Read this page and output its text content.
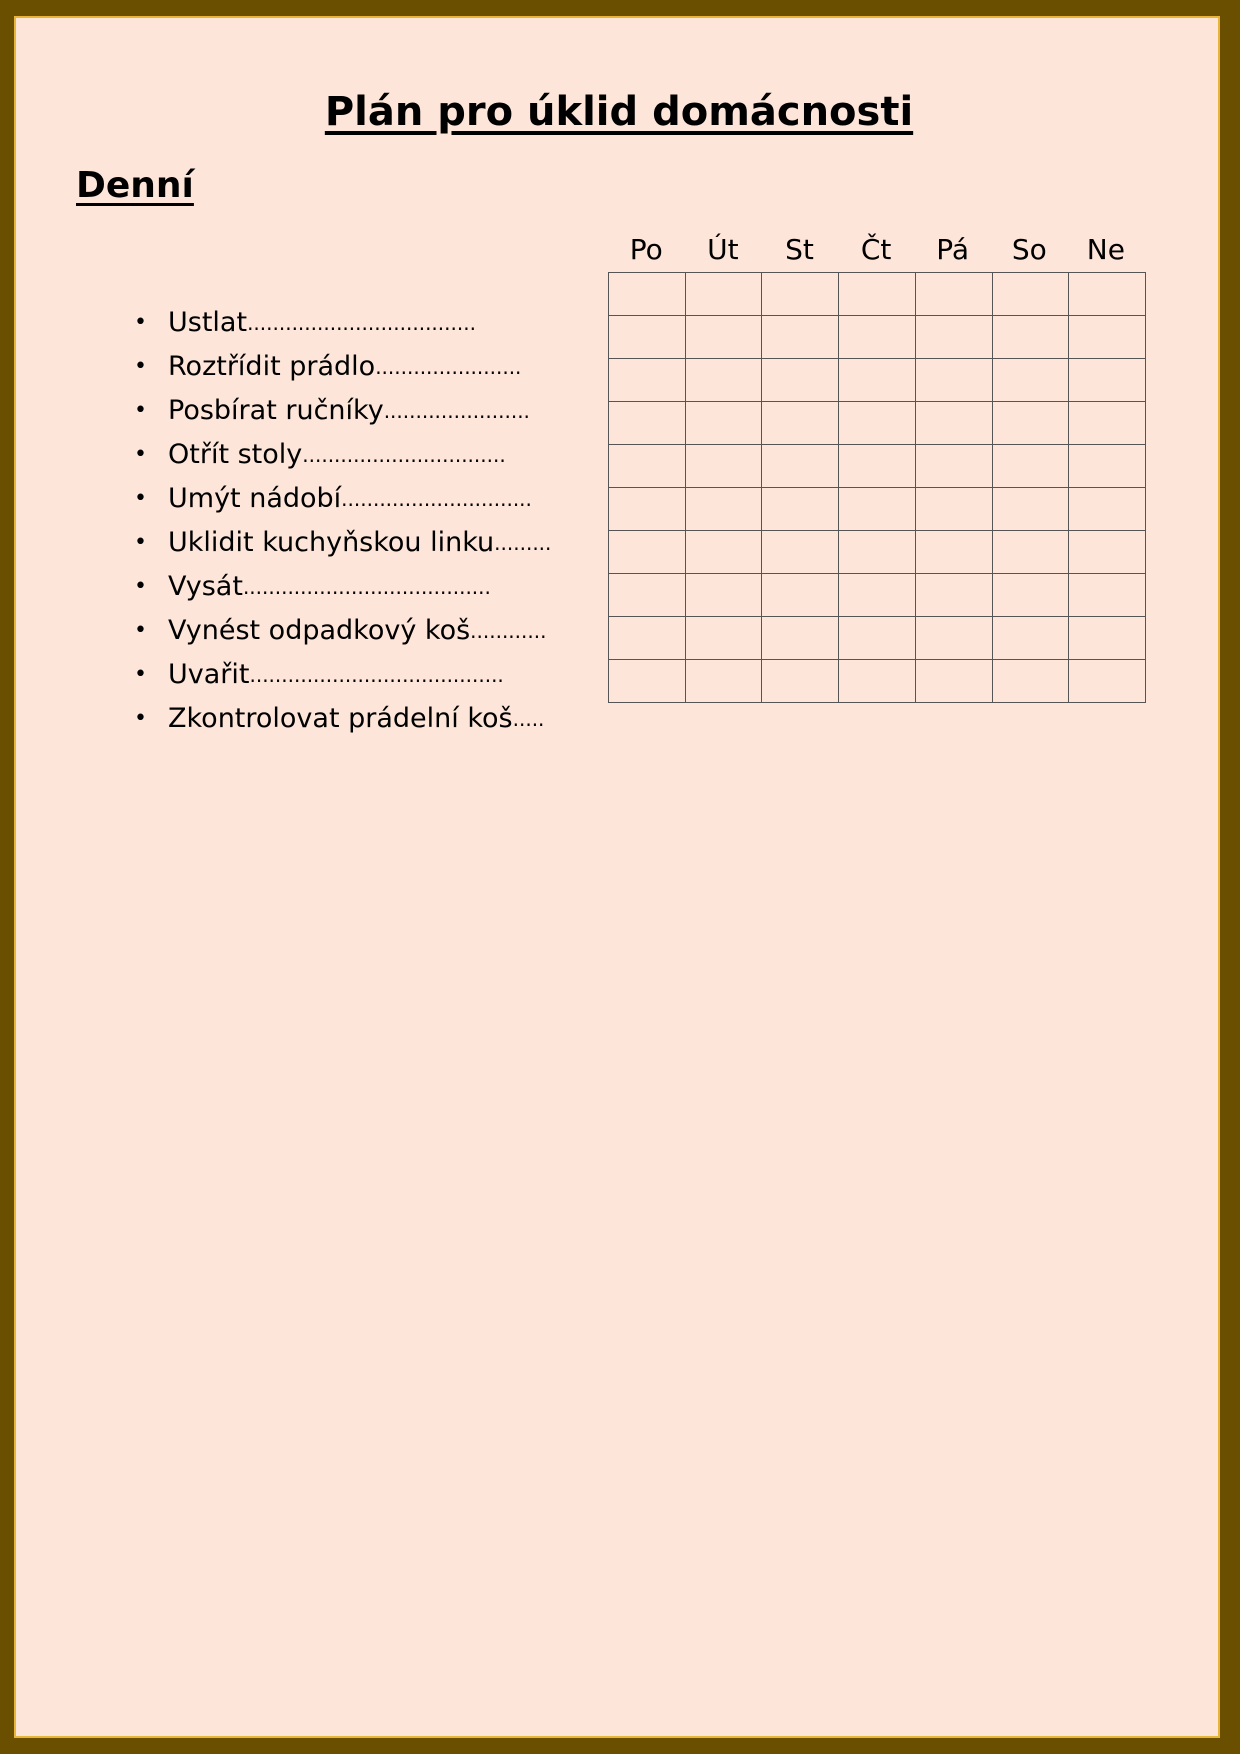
Plán pro úklid domácnosti
Denní
• Ustlat ....................................
• Roztřídit prádlo .......................
• Posbírat ručníky .......................
• Otřít stoly ................................
• Umýt nádobí ..............................
• Uklidit kuchyňskou linku .........
• Vysát .......................................
• Vynést odpadkový koš ............
• Uvařit ........................................
• Zkontrolovat prádelní koš .....
Po	Út	St	Čt	Pá	So	Ne
